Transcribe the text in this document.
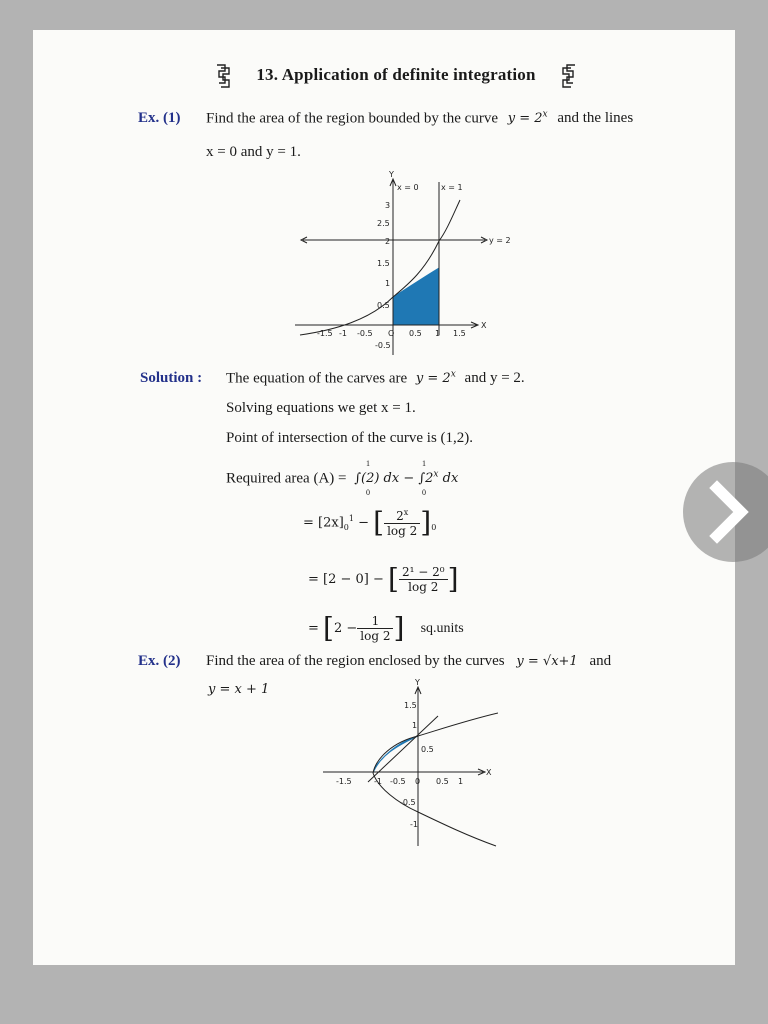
13. Application of definite integration
Ex. (1) Find the area of the region bounded by the curve $y = 2^x$ and the lines
x = 0 and y = 1.
Y
X
x = 0	x = 1
y = 2
3
2.5
2
1.5
1
0.5
-0.5
-1.5 -1 -0.5 O 0.5 1 1.5
Solution : The equation of the carves are $y = 2^x$ and y = 2.
Solving equations we get x = 1.
Point of intersection of the curve is (1,2).
Required area (A) = ∫(2) dx − $\int 2^x$ dx
1
0
1
0
= $[2x]_0^1$ − [ $\frac{2^x}{\log 2} ]_0$
= [2 − 0] − [ $\frac{\text{2¹ − 2⁰}}{\log 2}$ ]
= [$2 - \frac{1}{\log 2}$ ] sq.units
Ex. (2) Find the area of the region enclosed by the curves y = √x+1 and
y = x + 1	Y
X
1.5
1
0.5
-0.5
-1
-1.5	-1 -0.5 0 0.5 1
